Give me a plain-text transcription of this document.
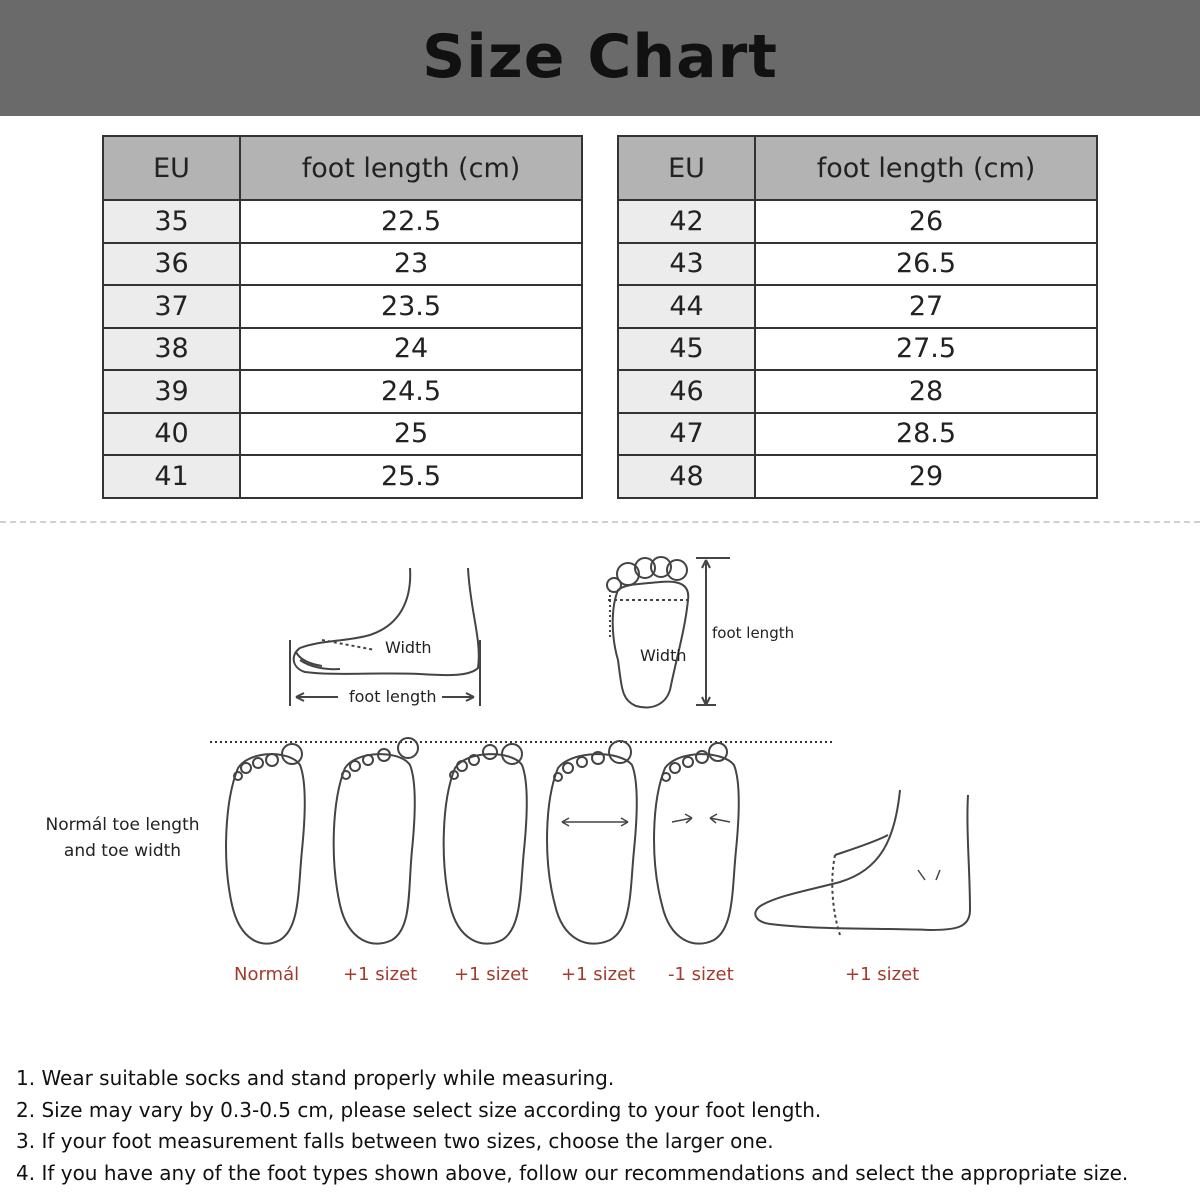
Size Chart
EU	foot length (cm)
35	22.5
36	23
37	23.5
38	24
39	24.5
40	25
41	25.5
EU	foot length (cm)
42	26
43	26.5
44	27
45	27.5
46	28
47	28.5
48	29
Width
foot length
Width
foot length
Normál toe length and toe width
Normál +1 sizet +1 sizet +1 sizet -1 sizet	+1 sizet
1. Wear suitable socks and stand properly while measuring.
2. Size may vary by 0.3-0.5 cm, please select size according to your foot length.
3. If your foot measurement falls between two sizes, choose the larger one.
4. If you have any of the foot types shown above, follow our recommendations and select the appropriate size.
